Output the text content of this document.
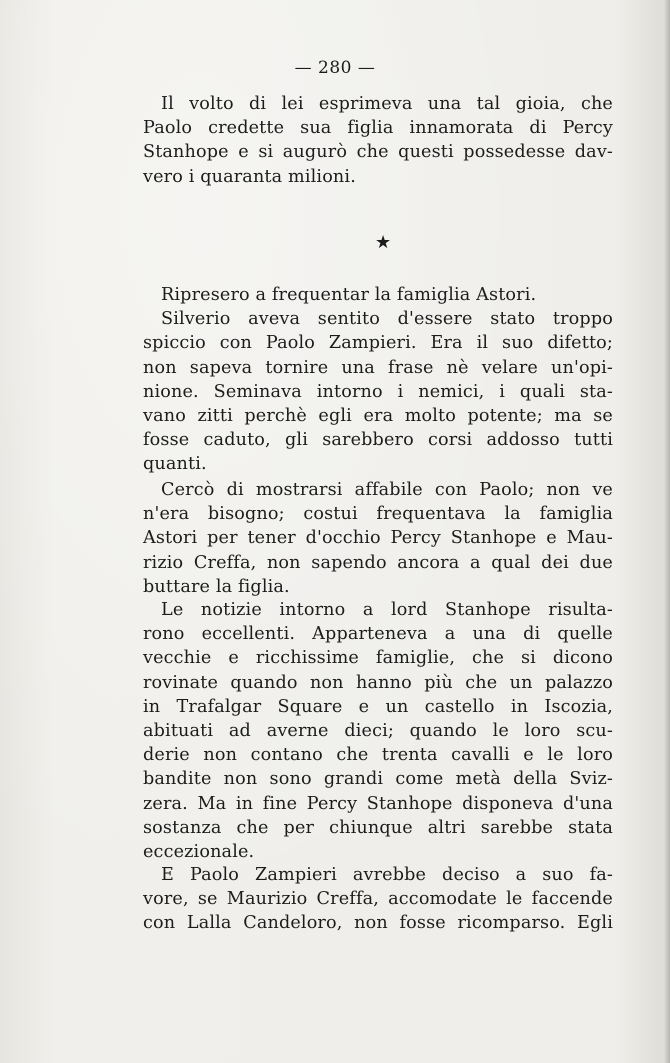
— 280 —
Il volto di lei esprimeva una tal gioia, che
Paolo credette sua figlia innamorata di Percy
Stanhope e si augurò che questi possedesse dav-
vero i quaranta milioni.
★
Ripresero a frequentar la famiglia Astori.
Silverio aveva sentito d'essere stato troppo
spiccio con Paolo Zampieri. Era il suo difetto;
non sapeva tornire una frase nè velare un'opi-
nione. Seminava intorno i nemici, i quali sta-
vano zitti perchè egli era molto potente; ma se
fosse caduto, gli sarebbero corsi addosso tutti
quanti.
Cercò di mostrarsi affabile con Paolo; non ve
n'era bisogno; costui frequentava la famiglia
Astori per tener d'occhio Percy Stanhope e Mau-
rizio Creffa, non sapendo ancora a qual dei due
buttare la figlia.
Le notizie intorno a lord Stanhope risulta-
rono eccellenti. Apparteneva a una di quelle
vecchie e ricchissime famiglie, che si dicono
rovinate quando non hanno più che un palazzo
in Trafalgar Square e un castello in Iscozia,
abituati ad averne dieci; quando le loro scu-
derie non contano che trenta cavalli e le loro
bandite non sono grandi come metà della Sviz-
zera. Ma in fine Percy Stanhope disponeva d'una
sostanza che per chiunque altri sarebbe stata
eccezionale.
E Paolo Zampieri avrebbe deciso a suo fa-
vore, se Maurizio Creffa, accomodate le faccende
con Lalla Candeloro, non fosse ricomparso. Egli
